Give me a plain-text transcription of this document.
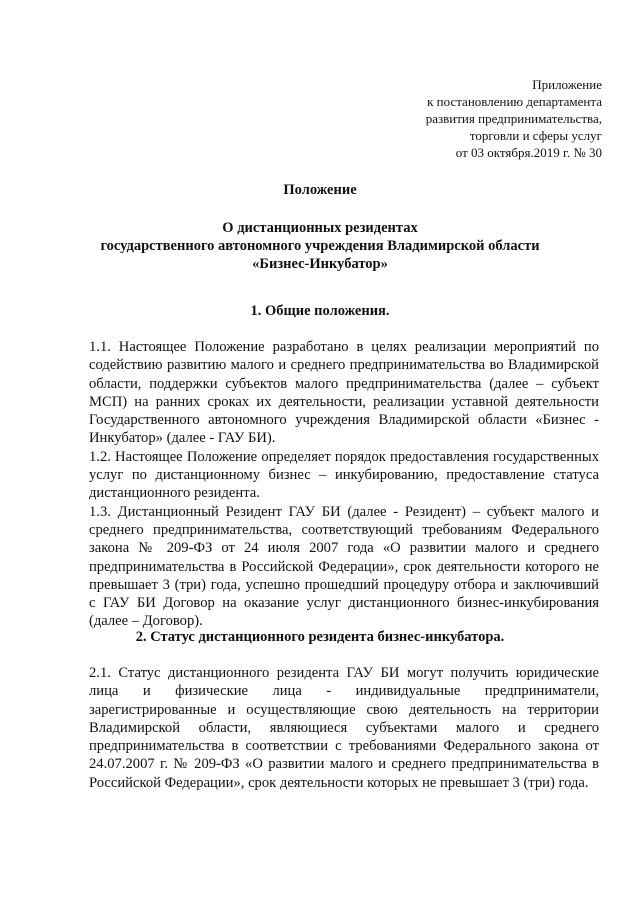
Приложение
к постановлению департамента
развития предпринимательства,
торговли и сферы услуг
от 03 октября.2019 г. № 30
Положение
О дистанционных резидентах
государственного автономного учреждения Владимирской области
«Бизнес-Инкубатор»
1. Общие положения.

1.1. Настоящее Положение разработано в целях реализации мероприятий по содействию развитию малого и среднего предпринимательства во Владимирской области, поддержки субъектов малого предпринимательства (далее – субъект МСП) на ранних сроках их деятельности, реализации уставной деятельности Государственного автономного учреждения Владимирской области «Бизнес - Инкубатор» (далее - ГАУ БИ).

1.2. Настоящее Положение определяет порядок предоставления государственных услуг по дистанционному бизнес – инкубированию, предоставление статуса дистанционного резидента.

1.3. Дистанционный Резидент ГАУ БИ (далее - Резидент) – субъект малого и среднего предпринимательства, соответствующий требованиям Федерального закона № 209-ФЗ от 24 июля 2007 года «О развитии малого и среднего предпринимательства в Российской Федерации», срок деятельности которого не превышает 3 (три) года, успешно прошедший процедуру отбора и заключивший с ГАУ БИ Договор на оказание услуг дистанционного бизнес-инкубирования (далее – Договор).

2. Статус дистанционного резидента бизнес-инкубатора.

2.1. Статус дистанционного резидента ГАУ БИ могут получить юридические лица и физические лица - индивидуальные предприниматели, зарегистрированные и осуществляющие свою деятельность на территории Владимирской области, являющиеся субъектами малого и среднего предпринимательства в соответствии с требованиями Федерального закона от 24.07.2007 г. № 209-ФЗ «О развитии малого и среднего предпринимательства в Российской Федерации», срок деятельности которых не превышает 3 (три) года.
